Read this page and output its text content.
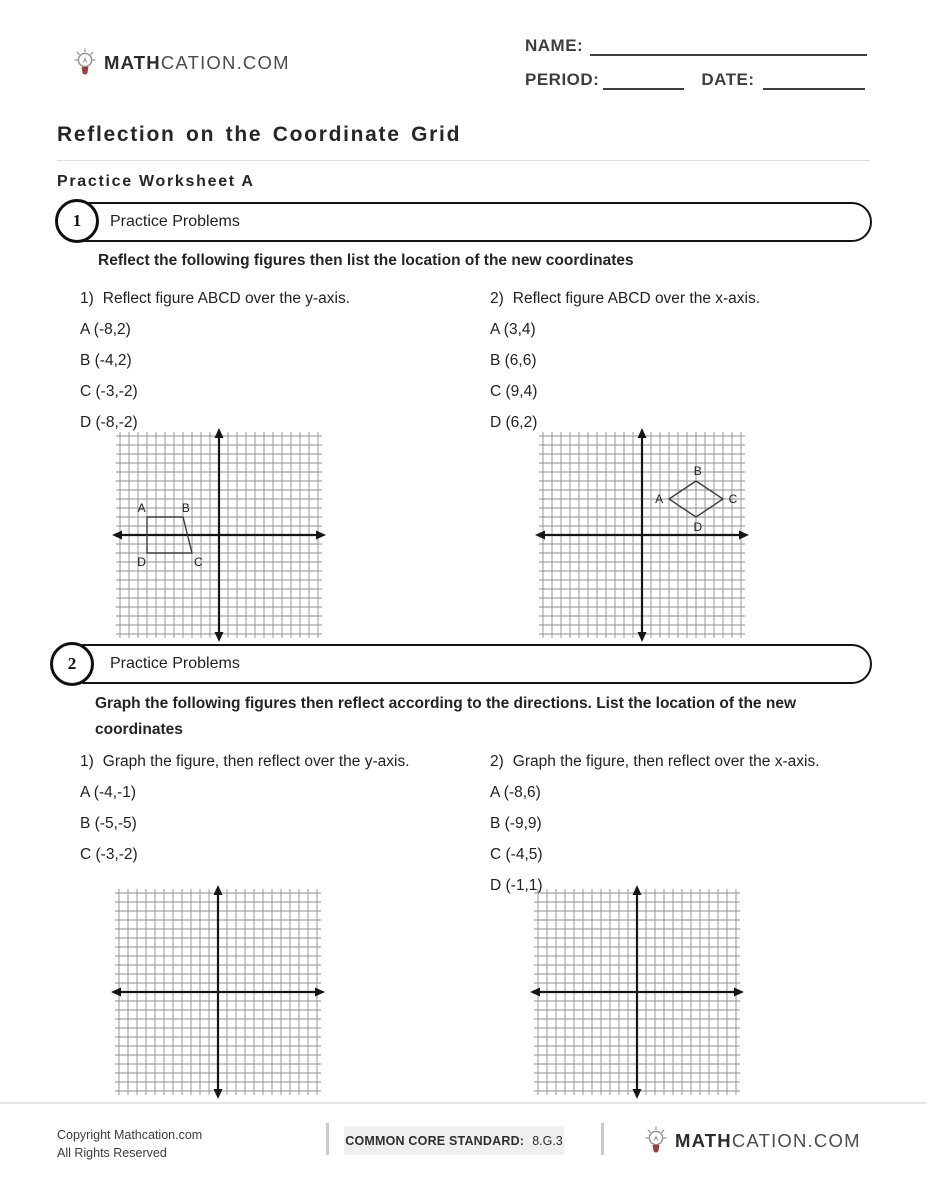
MATHCATION.COM
NAME:
PERIOD:	DATE:
Reflection on the Coordinate Grid
Practice Worksheet A
Practice Problems
1
Reflect the following figures then list the location of the new coordinates
1) Reflect figure ABCD over the y-axis.
A (-8,2)
B (-4,2)
C (-3,-2)
D (-8,-2)
2) Reflect figure ABCD over the x-axis.
A (3,4)
B (6,6)
C (9,4)
D (6,2)
A	B
C
D
A
B
C
D
Practice Problems
2
Graph the following figures then reflect according to the directions. List the location of the new coordinates
1) Graph the figure, then reflect over the y-axis.
A (-4,-1)
B (-5,-5)
C (-3,-2)
2) Graph the figure, then reflect over the x-axis.
A (-8,6)
B (-9,9)
C (-4,5)
D (-1,1)
Copyright Mathcation.com
All Rights Reserved
COMMON CORE STANDARD: 8.G.3	MATHCATION.COM
